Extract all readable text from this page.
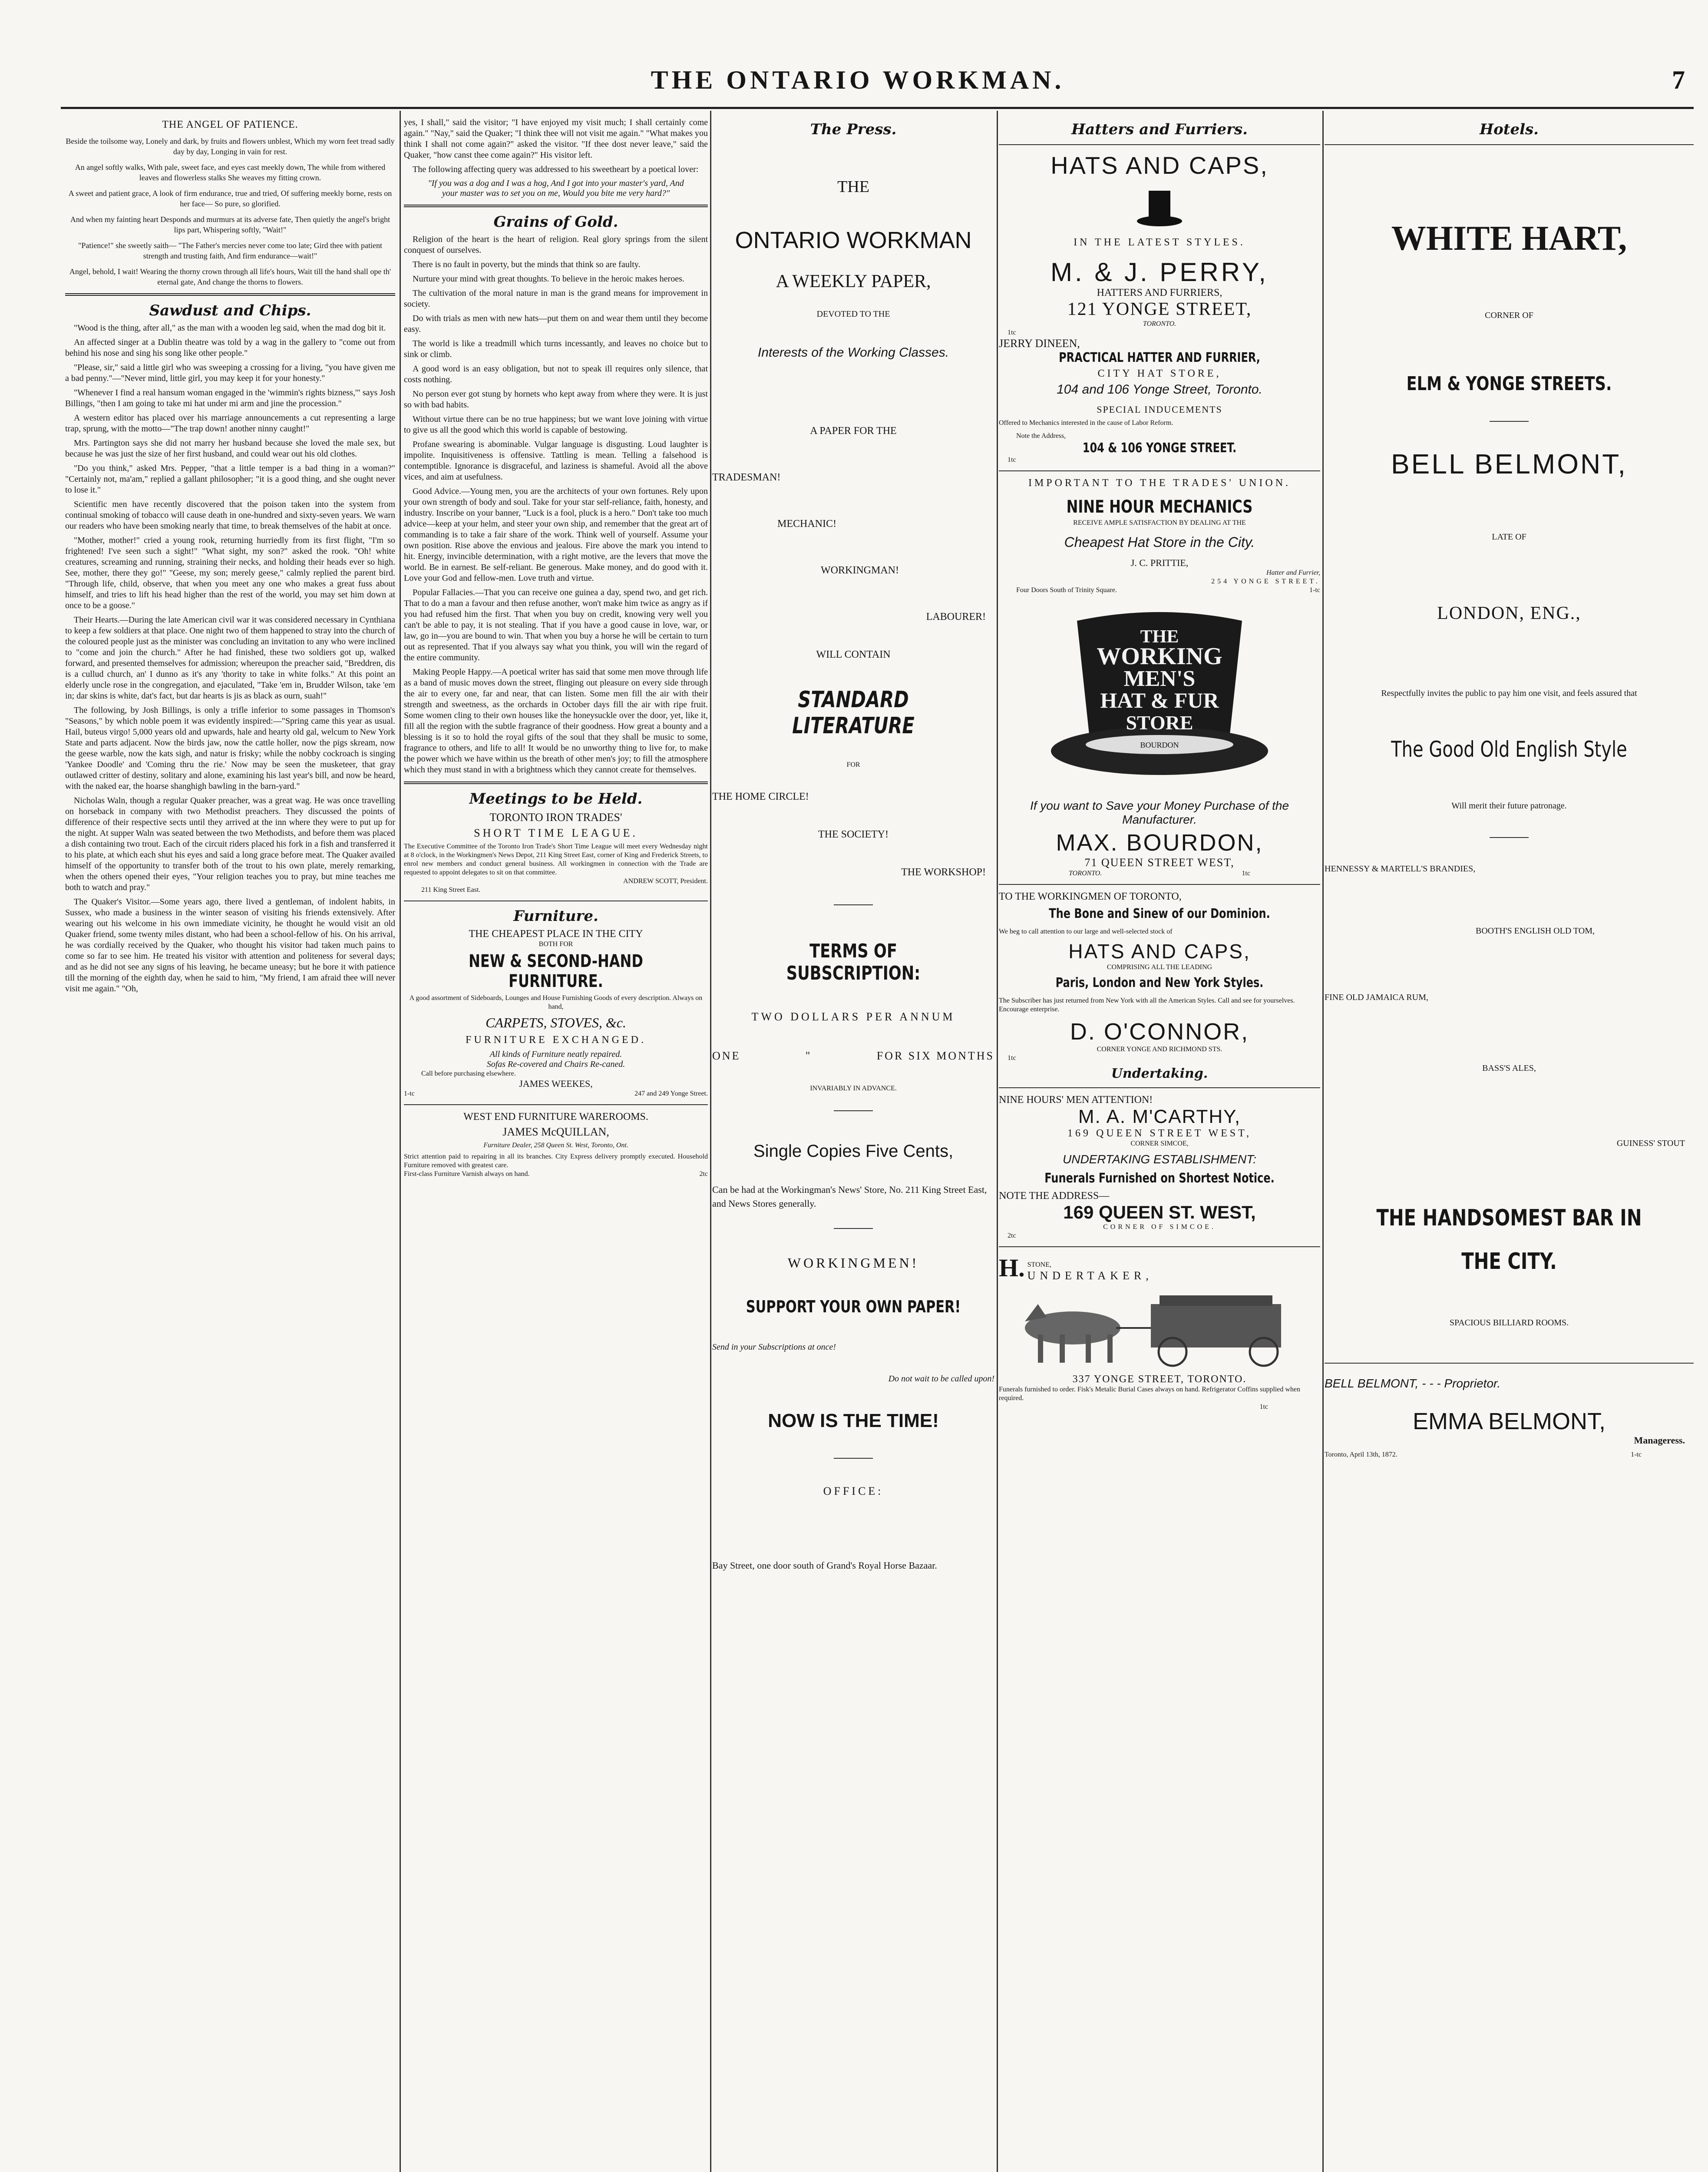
THE ONTARIO WORKMAN.	7
THE ANGEL OF PATIENCE.

Beside the toilsome way, Lonely and dark, by fruits and flowers unblest, Which my worn feet tread sadly day by day, Longing in vain for rest.

An angel softly walks, With pale, sweet face, and eyes cast meekly down, The while from withered leaves and flowerless stalks She weaves my fitting crown.

A sweet and patient grace, A look of firm endurance, true and tried, Of suffering meekly borne, rests on her face— So pure, so glorified.

And when my fainting heart Desponds and murmurs at its adverse fate, Then quietly the angel's bright lips part, Whispering softly, "Wait!"

"Patience!" she sweetly saith— "The Father's mercies never come too late; Gird thee with patient strength and trusting faith, And firm endurance—wait!"

Angel, behold, I wait! Wearing the thorny crown through all life's hours, Wait till the hand shall ope th' eternal gate, And change the thorns to flowers.

Sawdust and Chips.

"Wood is the thing, after all," as the man with a wooden leg said, when the mad dog bit it.

An affected singer at a Dublin theatre was told by a wag in the gallery to "come out from behind his nose and sing his song like other people."

"Please, sir," said a little girl who was sweeping a crossing for a living, "you have given me a bad penny."—"Never mind, little girl, you may keep it for your honesty."

"Whenever I find a real hansum woman engaged in the 'wimmin's rights bizness,'" says Josh Billings, "then I am going to take mi hat under mi arm and jine the procession."

A western editor has placed over his marriage announcements a cut representing a large trap, sprung, with the motto—"The trap down! another ninny caught!"

Mrs. Partington says she did not marry her husband because she loved the male sex, but because he was just the size of her first husband, and could wear out his old clothes.

"Do you think," asked Mrs. Pepper, "that a little temper is a bad thing in a woman?" "Certainly not, ma'am," replied a gallant philosopher; "it is a good thing, and she ought never to lose it."

Scientific men have recently discovered that the poison taken into the system from continual smoking of tobacco will cause death in one-hundred and sixty-seven years. We warn our readers who have been smoking nearly that time, to break themselves of the habit at once.

"Mother, mother!" cried a young rook, returning hurriedly from its first flight, "I'm so frightened! I've seen such a sight!" "What sight, my son?" asked the rook. "Oh! white creatures, screaming and running, straining their necks, and holding their heads ever so high. See, mother, there they go!" "Geese, my son; merely geese," calmly replied the parent bird. "Through life, child, observe, that when you meet any one who makes a great fuss about himself, and tries to lift his head higher than the rest of the world, you may set him down at once to be a goose."

Their Hearts.—During the late American civil war it was considered necessary in Cynthiana to keep a few soldiers at that place. One night two of them happened to stray into the church of the coloured people just as the minister was concluding an invitation to any who were inclined to "come and join the church." After he had finished, these two soldiers got up, walked forward, and presented themselves for admission; whereupon the preacher said, "Breddren, dis is a cullud church, an' I dunno as it's any 'thority to take in white folks." At this point an elderly uncle rose in the congregation, and ejaculated, "Take 'em in, Brudder Wilson, take 'em in; dar skins is white, dat's fact, but dar hearts is jis as black as ourn, suah!"

The following, by Josh Billings, is only a trifle inferior to some passages in Thomson's "Seasons," by which noble poem it was evidently inspired:—"Spring came this year as usual. Hail, buteus virgo! 5,000 years old and upwards, hale and hearty old gal, welcum to New York State and parts adjacent. Now the birds jaw, now the cattle holler, now the pigs skream, now the geese warble, now the kats sigh, and natur is frisky; while the nobby cockroach is singing 'Yankee Doodle' and 'Coming thru the rie.' Now may be seen the musketeer, that gray outlawed critter of destiny, solitary and alone, examining his last year's bill, and now be heard, with the naked ear, the hoarse shanghigh bawling in the barn-yard."

Nicholas Waln, though a regular Quaker preacher, was a great wag. He was once travelling on horseback in company with two Methodist preachers. They discussed the points of difference of their respective sects until they arrived at the inn where they were to put up for the night. At supper Waln was seated between the two Methodists, and before them was placed a dish containing two trout. Each of the circuit riders placed his fork in a fish and transferred it to his plate, at which each shut his eyes and said a long grace before meat. The Quaker availed himself of the opportunity to transfer both of the trout to his own plate, merely remarking, when the others opened their eyes, "Your religion teaches you to pray, but mine teaches me both to watch and pray."

The Quaker's Visitor.—Some years ago, there lived a gentleman, of indolent habits, in Sussex, who made a business in the winter season of visiting his friends extensively. After wearing out his welcome in his own immediate vicinity, he thought he would visit an old Quaker friend, some twenty miles distant, who had been a school-fellow of his. On his arrival, he was cordially received by the Quaker, who thought his visitor had taken much pains to come so far to see him. He treated his visitor with attention and politeness for several days; and as he did not see any signs of his leaving, he became uneasy; but he bore it with patience till the morning of the eighth day, when he said to him, "My friend, I am afraid thee will never visit me again." "Oh,

yes, I shall," said the visitor; "I have enjoyed my visit much; I shall certainly come again." "Nay," said the Quaker; "I think thee will not visit me again." "What makes you think I shall not come again?" asked the visitor. "If thee dost never leave," said the Quaker, "how canst thee come again?" His visitor left.

The following affecting query was addressed to his sweetheart by a poetical lover:

"If you was a dog and I was a hog, And I got into your master's yard, And your master was to set you on me, Would you bite me very hard?"
Grains of Gold.

Religion of the heart is the heart of religion. Real glory springs from the silent conquest of ourselves.

There is no fault in poverty, but the minds that think so are faulty.

Nurture your mind with great thoughts. To believe in the heroic makes heroes.

The cultivation of the moral nature in man is the grand means for improvement in society.

Do with trials as men with new hats—put them on and wear them until they become easy.

The world is like a treadmill which turns incessantly, and leaves no choice but to sink or climb.

A good word is an easy obligation, but not to speak ill requires only silence, that costs nothing.

No person ever got stung by hornets who kept away from where they were. It is just so with bad habits.

Without virtue there can be no true happiness; but we want love joining with virtue to give us all the good which this world is capable of bestowing.

Profane swearing is abominable. Vulgar language is disgusting. Loud laughter is impolite. Inquisitiveness is offensive. Tattling is mean. Telling a falsehood is contemptible. Ignorance is disgraceful, and laziness is shameful. Avoid all the above vices, and aim at usefulness.

Good Advice.—Young men, you are the architects of your own fortunes. Rely upon your own strength of body and soul. Take for your star self-reliance, faith, honesty, and industry. Inscribe on your banner, "Luck is a fool, pluck is a hero." Don't take too much advice—keep at your helm, and steer your own ship, and remember that the great art of commanding is to take a fair share of the work. Think well of yourself. Assume your own position. Rise above the envious and jealous. Fire above the mark you intend to hit. Energy, invincible determination, with a right motive, are the levers that move the world. Be in earnest. Be self-reliant. Be generous. Make money, and do good with it. Love your God and fellow-men. Love truth and virtue.

Popular Fallacies.—That you can receive one guinea a day, spend two, and get rich. That to do a man a favour and then refuse another, won't make him twice as angry as if you had refused him the first. That when you buy on credit, knowing very well you can't be able to pay, it is not stealing. That if you have a good cause in love, war, or law, go in—you are bound to win. That when you buy a horse he will be certain to turn out as represented. That if you always say what you think, you will win the regard of the entire community.

Making People Happy.—A poetical writer has said that some men move through life as a band of music moves down the street, flinging out pleasure on every side through the air to every one, far and near, that can listen. Some men fill the air with their strength and sweetness, as the orchards in October days fill the air with ripe fruit. Some women cling to their own houses like the honeysuckle over the door, yet, like it, fill all the region with the subtle fragrance of their goodness. How great a bounty and a blessing is it so to hold the royal gifts of the soul that they shall be music to some, fragrance to others, and life to all! It would be no unworthy thing to live for, to make the power which we have within us the breath of other men's joy; to fill the atmosphere which they must stand in with a brightness which they cannot create for themselves.

Meetings to be Held.
TORONTO IRON TRADES'
SHORT TIME LEAGUE.
The Executive Committee of the Toronto Iron Trade's Short Time League will meet every Wednesday night at 8 o'clock, in the Workingmen's News Depot, 211 King Street East, corner of King and Frederick Streets, to enrol new members and conduct general business. All workingmen in connection with the Trade are requested to appoint delegates to sit on that committee.
ANDREW SCOTT, President.
211 King Street East.
Furniture.
THE CHEAPEST PLACE IN THE CITY
BOTH FOR
NEW & SECOND-HAND FURNITURE.
A good assortment of Sideboards, Lounges and House Furnishing Goods of every description. Always on hand,
CARPETS, STOVES, &c.
FURNITURE EXCHANGED.
All kinds of Furniture neatly repaired.
Sofas Re-covered and Chairs Re-caned.
Call before purchasing elsewhere.
JAMES WEEKES,
1-tc	247 and 249 Yonge Street.
WEST END FURNITURE WAREROOMS.
JAMES McQUILLAN,
Furniture Dealer, 258 Queen St. West, Toronto, Ont.
Strict attention paid to repairing in all its branches. City Express delivery promptly executed. Household Furniture removed with greatest care.
First-class Furniture Varnish always on hand.	2tc
The Press.
THE
ONTARIO WORKMAN
A WEEKLY PAPER,
DEVOTED TO THE
Interests of the Working Classes.
A PAPER FOR THE
TRADESMAN!
MECHANIC!
WORKINGMAN!
LABOURER!
WILL CONTAIN
STANDARD LITERATURE
FOR
THE HOME CIRCLE!
THE SOCIETY!
THE WORKSHOP!
TERMS OF SUBSCRIPTION:
TWO DOLLARS PER ANNUM
ONE	"	FOR SIX MONTHS
INVARIABLY IN ADVANCE.
Single Copies Five Cents,
Can be had at the Workingman's News' Store, No. 211 King Street East, and News Stores generally.
WORKINGMEN!
SUPPORT YOUR OWN PAPER!
Send in your Subscriptions at once!
Do not wait to be called upon!
NOW IS THE TIME!
OFFICE:
Bay Street, one door south of Grand's Royal Horse Bazaar.
Hatters and Furriers.
HATS AND CAPS,
IN THE LATEST STYLES.
M. & J. PERRY,
HATTERS AND FURRIERS,
121 YONGE STREET,
TORONTO.
1tc
JERRY DINEEN,
PRACTICAL HATTER AND FURRIER,
CITY HAT STORE,
104 and 106 Yonge Street, Toronto.
SPECIAL INDUCEMENTS
Offered to Mechanics interested in the cause of Labor Reform.
Note the Address,
104 & 106 YONGE STREET.
1tc
IMPORTANT TO THE TRADES' UNION.
NINE HOUR MECHANICS
RECEIVE AMPLE SATISFACTION BY DEALING AT THE
Cheapest Hat Store in the City.
J. C. PRITTIE,
Hatter and Furrier,
254 YONGE STREET.
Four Doors South of Trinity Square.	1-tc
THE
WORKING
MEN'S
HAT & FUR
STORE
BOURDON
If you want to Save your Money Purchase of the Manufacturer.
MAX. BOURDON,
71 QUEEN STREET WEST,
TORONTO.	1tc
TO THE WORKINGMEN OF TORONTO,
The Bone and Sinew of our Dominion.
We beg to call attention to our large and well-selected stock of
HATS AND CAPS,
COMPRISING ALL THE LEADING
Paris, London and New York Styles.
The Subscriber has just returned from New York with all the American Styles. Call and see for yourselves. Encourage enterprise.
D. O'CONNOR,
CORNER YONGE AND RICHMOND STS.
1tc
Undertaking.
NINE HOURS' MEN ATTENTION!
M. A. M'CARTHY,
169 QUEEN STREET WEST,
CORNER SIMCOE,
UNDERTAKING ESTABLISHMENT:
Funerals Furnished on Shortest Notice.
NOTE THE ADDRESS—
169 QUEEN ST. WEST,
CORNER OF SIMCOE.
2tc
H. STONE,
UNDERTAKER,
337 YONGE STREET, TORONTO.
Funerals furnished to order. Fisk's Metalic Burial Cases always on hand. Refrigerator Coffins supplied when required.
1tc
Hotels.
WHITE HART,
CORNER OF
ELM & YONGE STREETS.
BELL BELMONT,
LATE OF
LONDON, ENG.,
Respectfully invites the public to pay him one visit, and feels assured that
The Good Old English Style
Will merit their future patronage.
HENNESSY & MARTELL'S BRANDIES,
BOOTH'S ENGLISH OLD TOM,
FINE OLD JAMAICA RUM,
BASS'S ALES,
GUINESS' STOUT
THE HANDSOMEST BAR IN THE CITY.
SPACIOUS BILLIARD ROOMS.
BELL BELMONT, - - - Proprietor.
EMMA BELMONT,
Manageress.
Toronto, April 13th, 1872.	1-tc
